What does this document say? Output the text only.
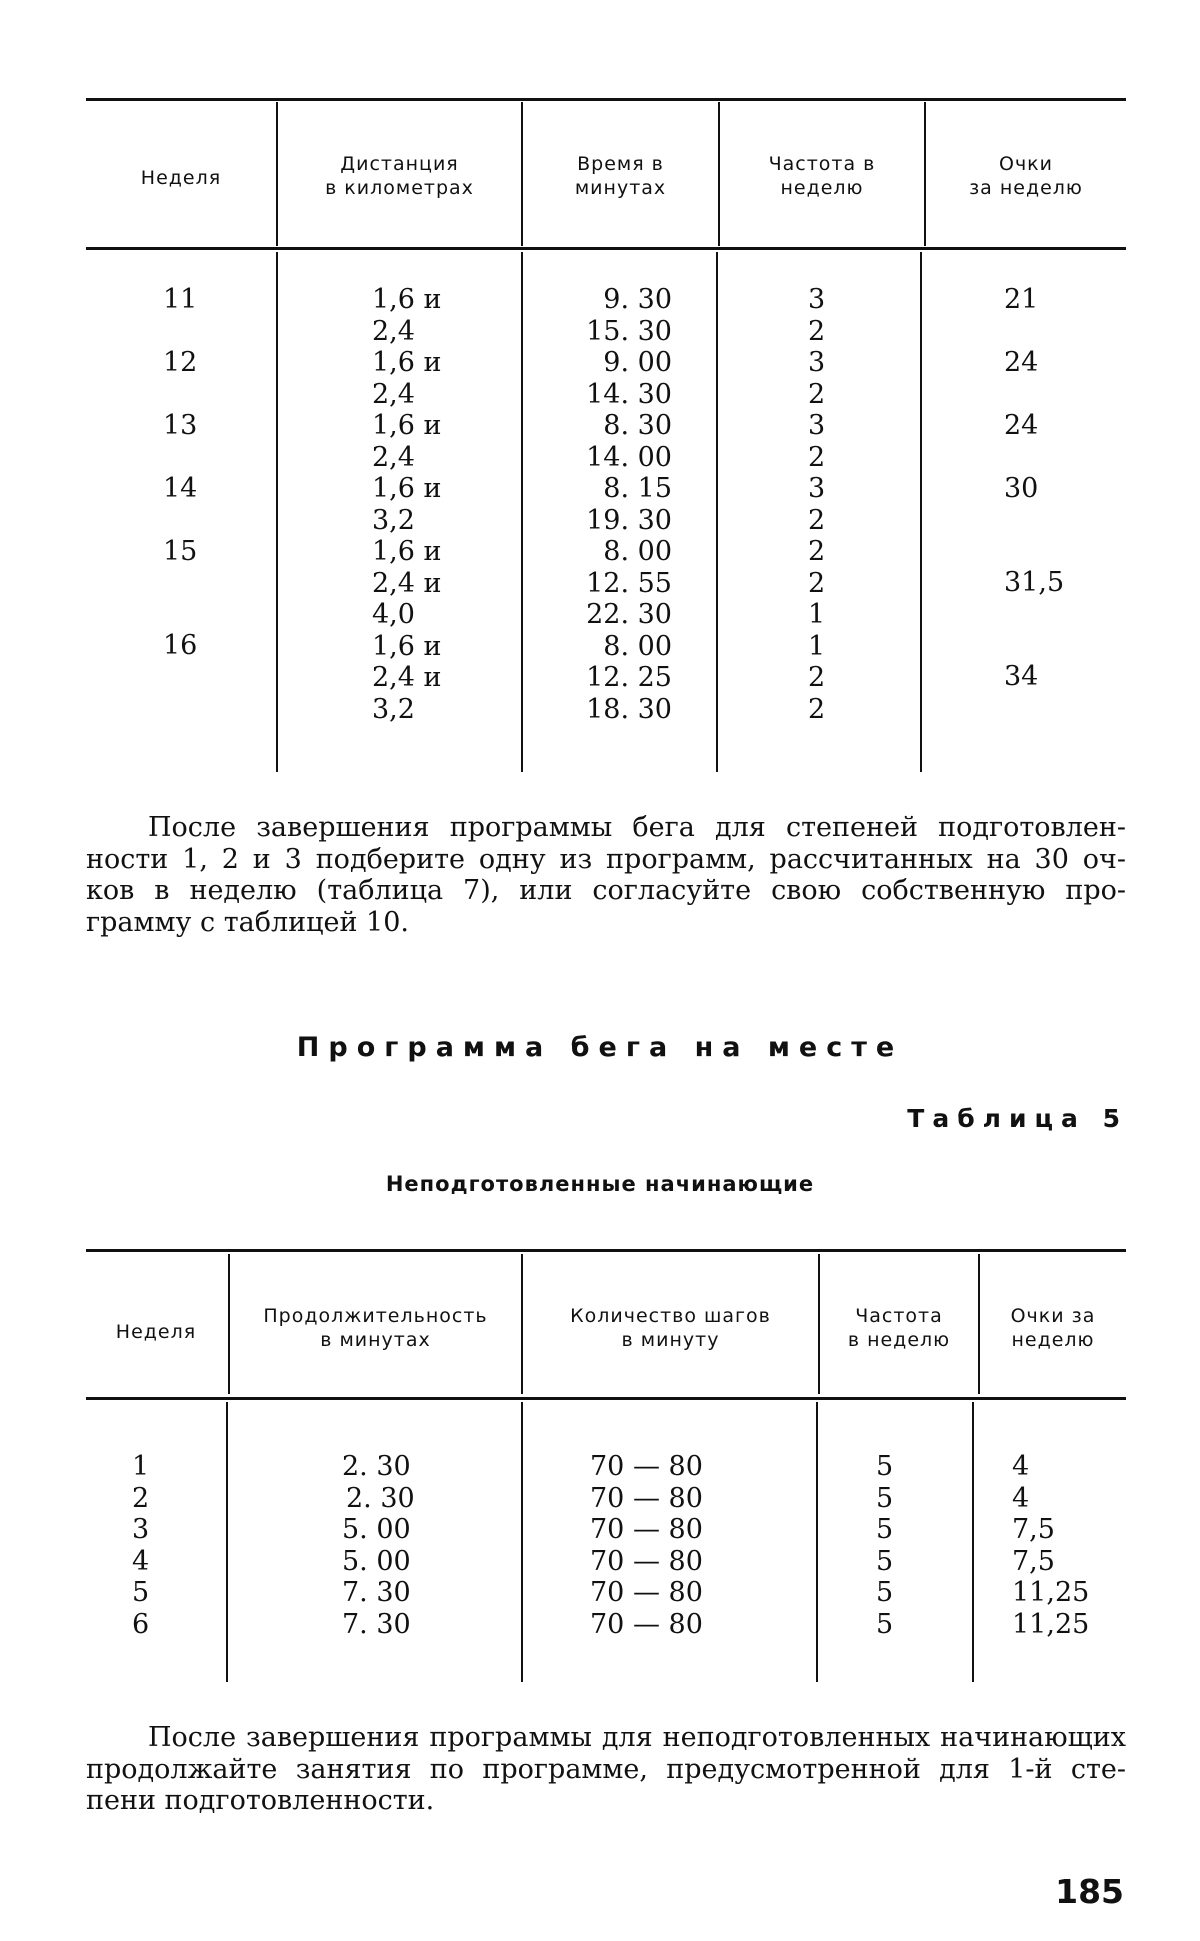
Неделя
Дистанция
в километрах
Время в
минутах
Частота в
неделю
Очки
за неделю
11
12
13
14
15
16
1,6 и
2,4
1,6 и
2,4
1,6 и
2,4
1,6 и
3,2
1,6 и
2,4 и
4,0
1,6 и
2,4 и
3,2
9. 30
15. 30
9. 00
14. 30
8. 30
14. 00
8. 15
19. 30
8. 00
12. 55
22. 30
8. 00
12. 25
18. 30
3
2
3
2
3
2
3
2
2
2
1
1
2
2
21
24
24
30
31,5
34
После завершения программы бега для степеней подготовлен-
ности 1, 2 и 3 подберите одну из программ, рассчитанных на 30 оч-
ков в неделю (таблица 7), или согласуйте свою собственную про-
грамму с таблицей 10.
Программа бега на месте
Таблица 5
Неподготовленные начинающие
Неделя
Продолжительность
в минутах
Количество шагов
в минуту
Частота
в неделю
Очки за
неделю
1
2
3
4
5
6
2. 30
2. 30
5. 00
5. 00
7. 30
7. 30
70 — 80
70 — 80
70 — 80
70 — 80
70 — 80
70 — 80
5
5
5
5
5
5
4
4
7,5
7,5
11,25
11,25
После завершения программы для неподготовленных начинающих
продолжайте занятия по программе, предусмотренной для 1-й сте-
пени подготовленности.
185
